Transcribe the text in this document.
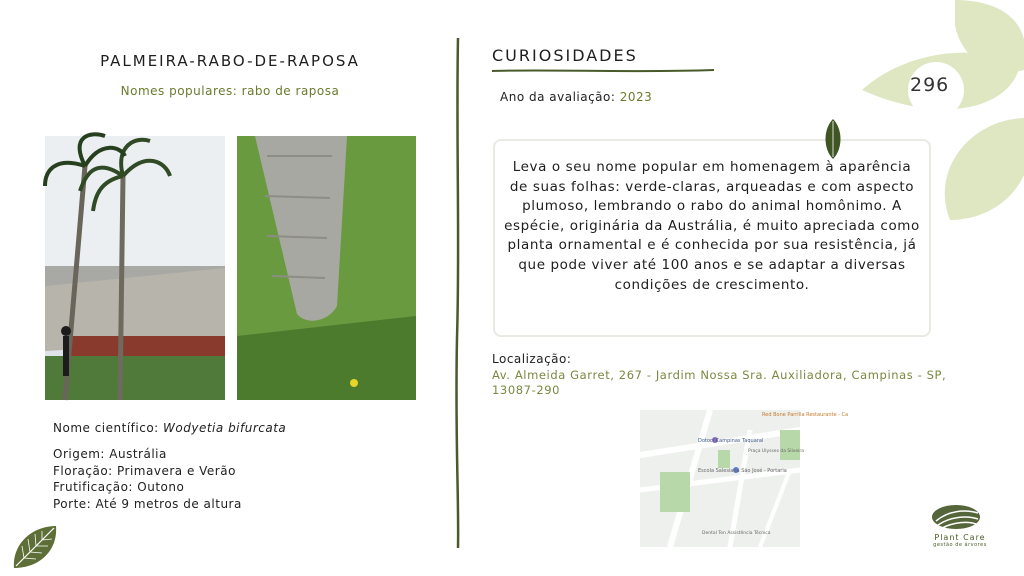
296
PALMEIRA-RABO-DE-RAPOSA
Nomes populares: rabo de raposa
Nome científico: Wodyetia bifurcata
Origem: Austrália
Floração: Primavera e Verão
Frutificação: Outono
Porte: Até 9 metros de altura
CURIOSIDADES
Ano da avaliação: 2023
Leva o seu nome popular em homenagem à aparência de suas folhas: verde-claras, arqueadas e com aspecto plumoso, lembrando o rabo do animal homônimo. A espécie, originária da Austrália, é muito apreciada como planta ornamental e é conhecida por sua resistência, já que pode viver até 100 anos e se adaptar a diversas condições de crescimento.
Localização:
Av. Almeida Garret, 267 - Jardim Nossa Sra. Auxiliadora, Campinas - SP, 13087-290
Red Bone Parrilla Restaurante - Ca
Dotoci Campinas Taquaral
Praça Ulysses da Silveira
Escola Salesiana São José - Portaria
Dental Ten Assistência Técnica	Plant Care
gestão de árvores
